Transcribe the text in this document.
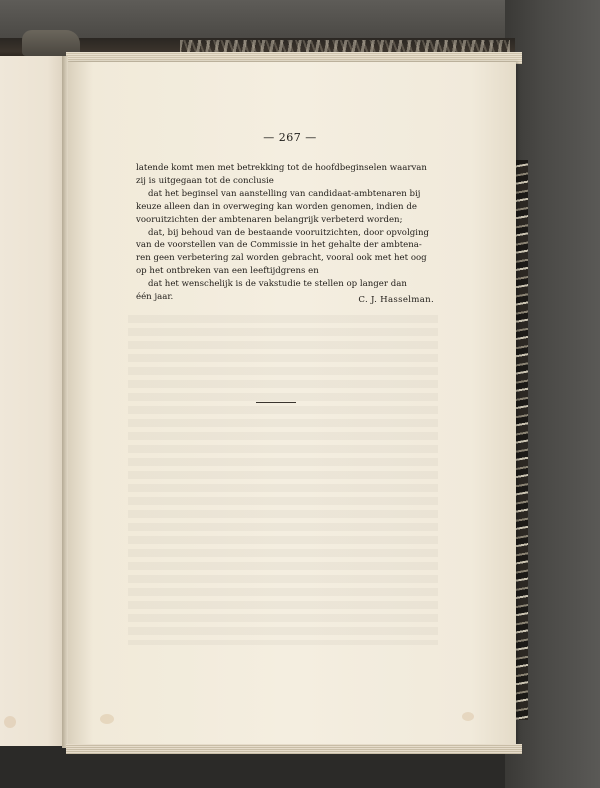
— 267 —
latende komt men met betrekking tot de hoofdbeginselen waarvan
zij is uitgegaan tot de conclusie
dat het beginsel van aanstelling van candidaat-ambtenaren bij
keuze alleen dan in overweging kan worden genomen, indien de
vooruitzichten der ambtenaren belangrijk verbeterd worden;
dat, bij behoud van de bestaande vooruitzichten, door opvolging
van de voorstellen van de Commissie in het gehalte der ambtena-
ren geen verbetering zal worden gebracht, vooral ook met het oog
op het ontbreken van een leeftijdgrens en
dat het wenschelijk is de vakstudie te stellen op langer dan
één jaar.	C. J. Hasselman.
